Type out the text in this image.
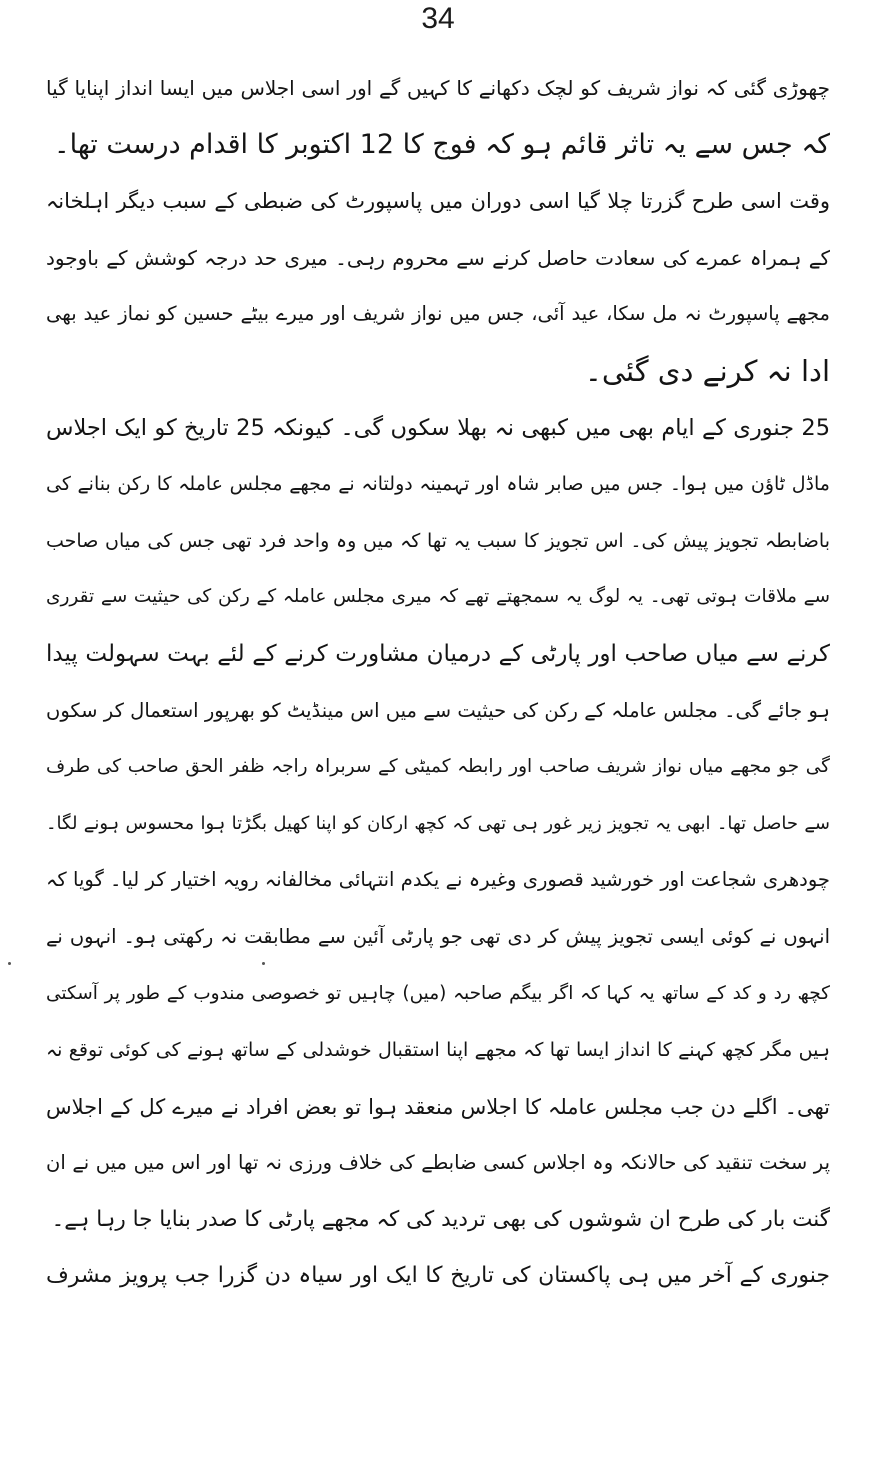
34
چھوڑی گئی کہ نواز شریف کو لچک دکھانے کا کہیں گے اور اسی اجلاس میں ایسا انداز اپنایا گیا
کہ جس سے یہ تاثر قائم ہو کہ فوج کا 12 اکتوبر کا اقدام درست تھا۔
وقت اسی طرح گزرتا چلا گیا اسی دوران میں پاسپورٹ کی ضبطی کے سبب دیگر اہلخانہ
کے ہمراہ عمرے کی سعادت حاصل کرنے سے محروم رہی۔ میری حد درجہ کوشش کے باوجود
مجھے پاسپورٹ نہ مل سکا، عید آئی، جس میں نواز شریف اور میرے بیٹے حسین کو نماز عید بھی
ادا نہ کرنے دی گئی۔
25 جنوری کے ایام بھی میں کبھی نہ بھلا سکوں گی۔ کیونکہ 25 تاریخ کو ایک اجلاس
ماڈل ٹاؤن میں ہوا۔ جس میں صابر شاہ اور تہمینہ دولتانہ نے مجھے مجلس عاملہ کا رکن بنانے کی
باضابطہ تجویز پیش کی۔ اس تجویز کا سبب یہ تھا کہ میں وہ واحد فرد تھی جس کی میاں صاحب
سے ملاقات ہوتی تھی۔ یہ لوگ یہ سمجھتے تھے کہ میری مجلس عاملہ کے رکن کی حیثیت سے تقرری
کرنے سے میاں صاحب اور پارٹی کے درمیان مشاورت کرنے کے لئے بہت سہولت پیدا
ہو جائے گی۔ مجلس عاملہ کے رکن کی حیثیت سے میں اس مینڈیٹ کو بھرپور استعمال کر سکوں
گی جو مجھے میاں نواز شریف صاحب اور رابطہ کمیٹی کے سربراہ راجہ ظفر الحق صاحب کی طرف
سے حاصل تھا۔ ابھی یہ تجویز زیر غور ہی تھی کہ کچھ ارکان کو اپنا کھیل بگڑتا ہوا محسوس ہونے لگا۔
چودھری شجاعت اور خورشید قصوری وغیرہ نے یکدم انتہائی مخالفانہ رویہ اختیار کر لیا۔ گویا کہ
انہوں نے کوئی ایسی تجویز پیش کر دی تھی جو پارٹی آئین سے مطابقت نہ رکھتی ہو۔ انہوں نے
کچھ رد و کد کے ساتھ یہ کہا کہ اگر بیگم صاحبہ (میں) چاہیں تو خصوصی مندوب کے طور پر آسکتی
ہیں مگر کچھ کہنے کا انداز ایسا تھا کہ مجھے اپنا استقبال خوشدلی کے ساتھ ہونے کی کوئی توقع نہ
تھی۔ اگلے دن جب مجلس عاملہ کا اجلاس منعقد ہوا تو بعض افراد نے میرے کل کے اجلاس
پر سخت تنقید کی حالانکہ وہ اجلاس کسی ضابطے کی خلاف ورزی نہ تھا اور اس میں میں نے ان
گنت بار کی طرح ان شوشوں کی بھی تردید کی کہ مجھے پارٹی کا صدر بنایا جا رہا ہے۔
جنوری کے آخر میں ہی پاکستان کی تاریخ کا ایک اور سیاہ دن گزرا جب پرویز مشرف
